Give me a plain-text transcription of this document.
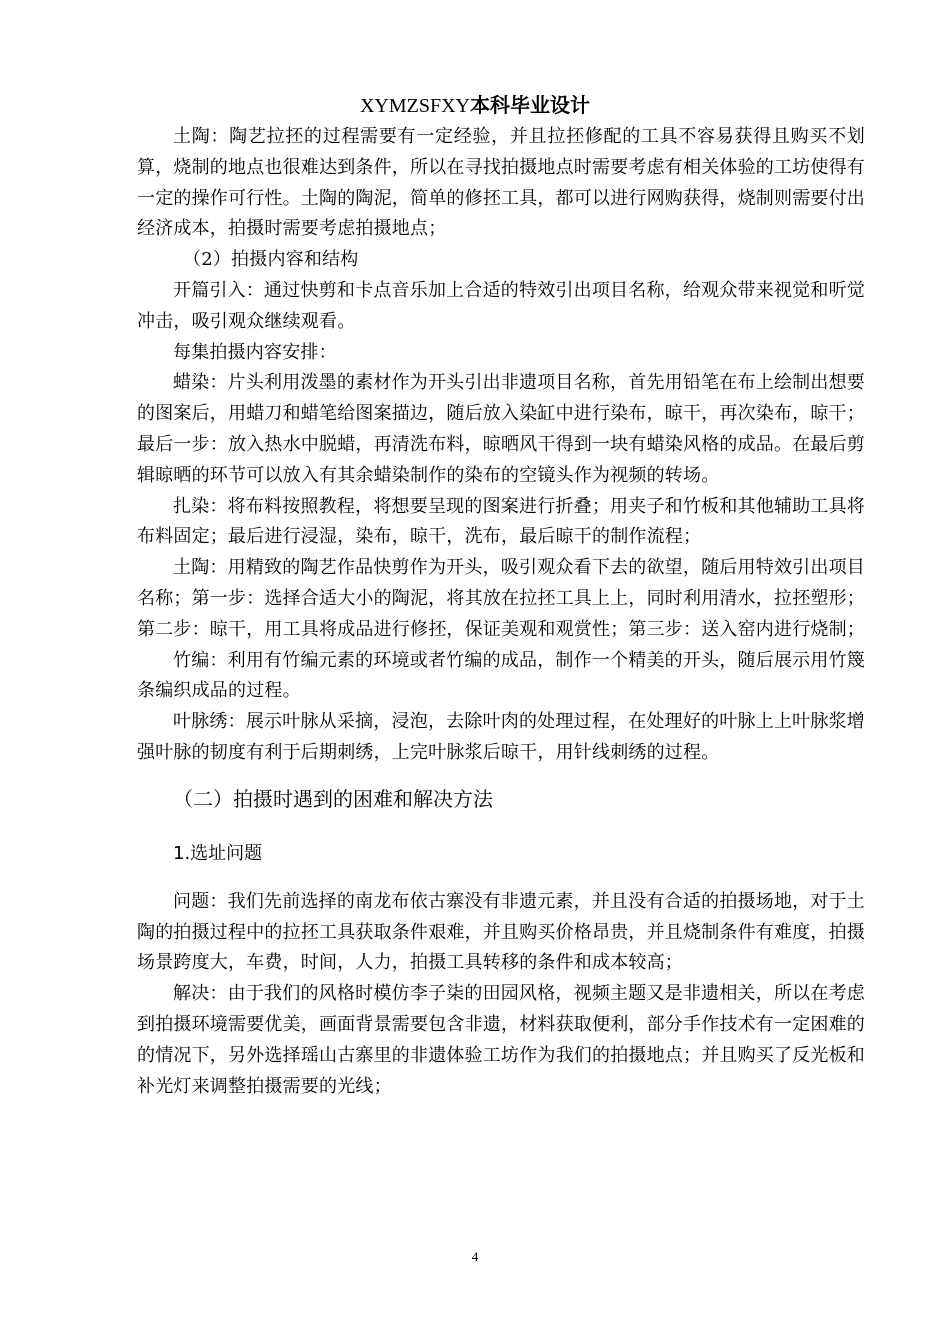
XYMZSFXY本科毕业设计

土陶：陶艺拉抷的过程需要有一定经验，并且拉抷修配的工具不容易获得且购买不划算，烧制的地点也很难达到条件，所以在寻找拍摄地点时需要考虑有相关体验的工坊使得有一定的操作可行性。土陶的陶泥，简单的修抷工具，都可以进行网购获得，烧制则需要付出经济成本，拍摄时需要考虑拍摄地点；

（2）拍摄内容和结构

开篇引入：通过快剪和卡点音乐加上合适的特效引出项目名称，给观众带来视觉和听觉冲击，吸引观众继续观看。

每集拍摄内容安排：

蜡染：片头利用泼墨的素材作为开头引出非遗项目名称，首先用铅笔在布上绘制出想要的图案后，用蜡刀和蜡笔给图案描边，随后放入染缸中进行染布，晾干，再次染布，晾干；最后一步：放入热水中脱蜡，再清洗布料，晾晒风干得到一块有蜡染风格的成品。在最后剪辑晾晒的环节可以放入有其余蜡染制作的染布的空镜头作为视频的转场。

扎染：将布料按照教程，将想要呈现的图案进行折叠；用夹子和竹板和其他辅助工具将布料固定；最后进行浸湿，染布，晾干，洗布，最后晾干的制作流程；

土陶：用精致的陶艺作品快剪作为开头，吸引观众看下去的欲望，随后用特效引出项目名称；第一步：选择合适大小的陶泥，将其放在拉抷工具上上，同时利用清水，拉抷塑形；第二步：晾干，用工具将成品进行修抷，保证美观和观赏性；第三步：送入窑内进行烧制；

竹编：利用有竹编元素的环境或者竹编的成品，制作一个精美的开头，随后展示用竹篾条编织成品的过程。

叶脉绣：展示叶脉从采摘，浸泡，去除叶肉的处理过程，在处理好的叶脉上上叶脉浆增强叶脉的韧度有利于后期刺绣，上完叶脉浆后晾干，用针线刺绣的过程。

（二）拍摄时遇到的困难和解决方法
1.选址问题

问题：我们先前选择的南龙布依古寨没有非遗元素，并且没有合适的拍摄场地，对于土陶的拍摄过程中的拉抷工具获取条件艰难，并且购买价格昂贵，并且烧制条件有难度，拍摄场景跨度大，车费，时间，人力，拍摄工具转移的条件和成本较高；

解决：由于我们的风格时模仿李子柒的田园风格，视频主题又是非遗相关，所以在考虑到拍摄环境需要优美，画面背景需要包含非遗，材料获取便利，部分手作技术有一定困难的的情况下，另外选择瑶山古寨里的非遗体验工坊作为我们的拍摄地点；并且购买了反光板和补光灯来调整拍摄需要的光线；

4
